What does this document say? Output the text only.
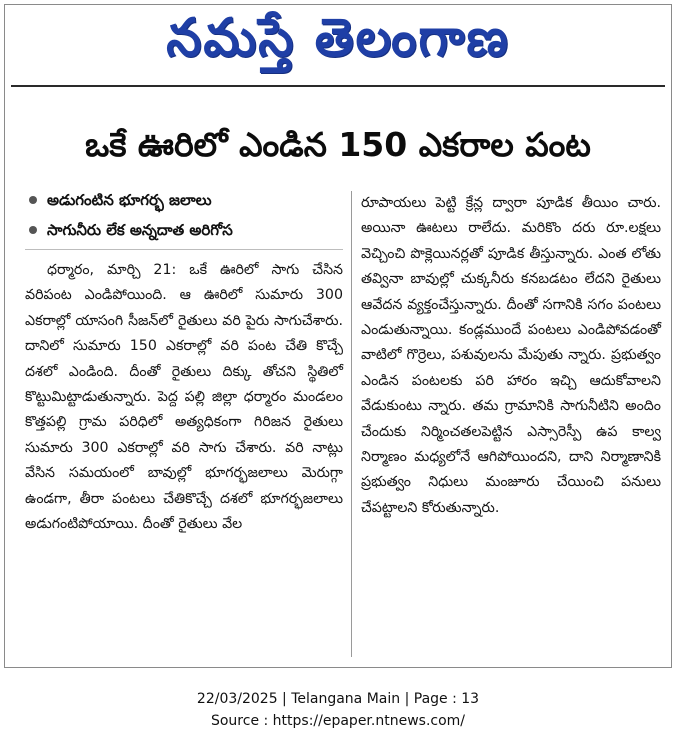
నమస్తే తెలంగాణ
ఒకే ఊరిలో ఎండిన 150 ఎకరాల పంట
అడుగంటిన భూగర్భ జలాలు
సాగునీరు లేక అన్నదాత అరిగోస

ధర్మారం, మార్చి 21: ఒకే ఊరిలో సాగు చేసిన వరిపంట ఎండిపోయింది. ఆ ఊరిలో సుమారు 300 ఎకరాల్లో యాసంగి సీజన్‌లో రైతులు వరి పైరు సాగుచేశారు. దానిలో సుమారు 150 ఎకరాల్లో వరి పంట చేతి కొచ్చే దశలో ఎండింది. దీంతో రైతులు దిక్కు తోచని స్థితిలో కొట్టుమిట్టాడుతున్నారు. పెద్ద పల్లి జిల్లా ధర్మారం మండలం కొత్తపల్లి గ్రామ పరిధిలో అత్యధికంగా గిరిజన రైతులు సుమారు 300 ఎకరాల్లో వరి సాగు చేశారు. వరి నాట్లు వేసిన సమయంలో బావుల్లో భూగర్భజలాలు మెరుగ్గా ఉండగా, తీరా పంటలు చేతికొచ్చే దశలో భూగర్భజలాలు అడుగంటిపోయాయి. దీంతో రైతులు వేల

రూపాయలు పెట్టి క్రేన్ల ద్వారా పూడిక తీయిం చారు. అయినా ఊటలు రాలేదు. మరికొం దరు రూ.లక్షలు వెచ్చించి పొక్లెయినర్లతో పూడిక తీస్తున్నారు. ఎంత లోతు తవ్వినా బావుల్లో చుక్కనీరు కనబడటం లేదని రైతులు ఆవేదన వ్యక్తంచేస్తున్నారు. దీంతో సగానికి సగం పంటలు ఎండుతున్నాయి. కండ్లముందే పంటలు ఎండిపోవడంతో వాటిలో గొర్రెలు, పశువులను మేపుతు న్నారు. ప్రభుత్వం ఎండిన పంటలకు పరి హారం ఇచ్చి ఆదుకోవాలని వేడుకుంటు న్నారు. తమ గ్రామానికి సాగునీటిని అందిం చేందుకు నిర్మించతలపెట్టిన ఎస్సారెస్పీ ఉప కాల్వ నిర్మాణం మధ్యలోనే ఆగిపోయిందని, దాని నిర్మాణానికి ప్రభుత్వం నిధులు మంజూరు చేయించి పనులు చేపట్టాలని కోరుతున్నారు.

22/03/2025 | Telangana Main | Page : 13
Source : https://epaper.ntnews.com/
